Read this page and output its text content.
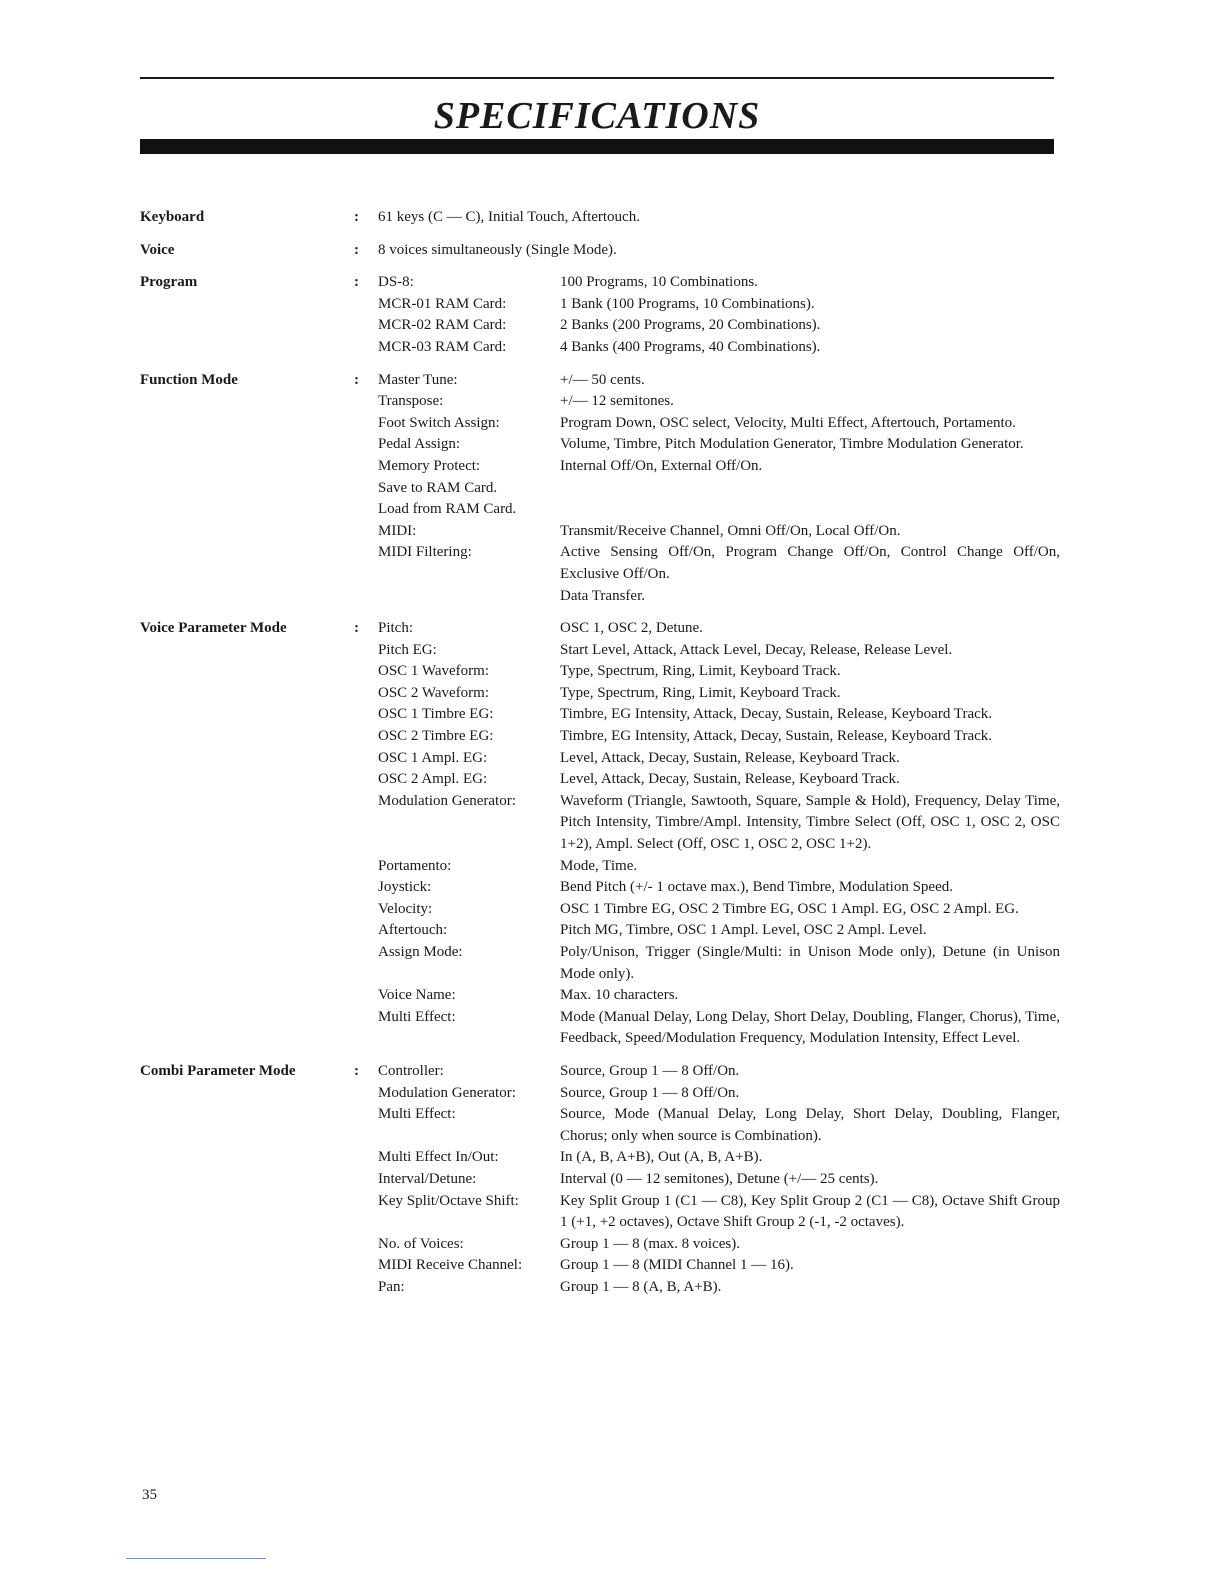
SPECIFICATIONS
Keyboard	:	61 keys (C — C), Initial Touch, Aftertouch.
Voice	:	8 voices simultaneously (Single Mode).
Program	:	DS-8:	100 Programs, 10 Combinations.
MCR-01 RAM Card:	1 Bank (100 Programs, 10 Combinations).
MCR-02 RAM Card:	2 Banks (200 Programs, 20 Combinations).
MCR-03 RAM Card:	4 Banks (400 Programs, 40 Combinations).
Function Mode	:	Master Tune:	+/— 50 cents.
Transpose:	+/— 12 semitones.
Foot Switch Assign:	Program Down, OSC select, Velocity, Multi Effect, Aftertouch, Portamento.
Pedal Assign:	Volume, Timbre, Pitch Modulation Generator, Timbre Modulation Generator.
Memory Protect:	Internal Off/On, External Off/On.
Save to RAM Card.
Load from RAM Card.
MIDI:	Transmit/Receive Channel, Omni Off/On, Local Off/On.
MIDI Filtering:	Active Sensing Off/On, Program Change Off/On, Control Change Off/On, Exclusive Off/On.
Data Transfer.
Voice Parameter Mode	:	Pitch:	OSC 1, OSC 2, Detune.
Pitch EG:	Start Level, Attack, Attack Level, Decay, Release, Release Level.
OSC 1 Waveform:	Type, Spectrum, Ring, Limit, Keyboard Track.
OSC 2 Waveform:	Type, Spectrum, Ring, Limit, Keyboard Track.
OSC 1 Timbre EG:	Timbre, EG Intensity, Attack, Decay, Sustain, Release, Keyboard Track.
OSC 2 Timbre EG:	Timbre, EG Intensity, Attack, Decay, Sustain, Release, Keyboard Track.
OSC 1 Ampl. EG:	Level, Attack, Decay, Sustain, Release, Keyboard Track.
OSC 2 Ampl. EG:	Level, Attack, Decay, Sustain, Release, Keyboard Track.
Modulation Generator:	Waveform (Triangle, Sawtooth, Square, Sample & Hold), Frequency, Delay Time, Pitch Intensity, Timbre/Ampl. Intensity, Timbre Select (Off, OSC 1, OSC 2, OSC 1+2), Ampl. Select (Off, OSC 1, OSC 2, OSC 1+2).
Portamento:	Mode, Time.
Joystick:	Bend Pitch (+/- 1 octave max.), Bend Timbre, Modulation Speed.
Velocity:	OSC 1 Timbre EG, OSC 2 Timbre EG, OSC 1 Ampl. EG, OSC 2 Ampl. EG.
Aftertouch:	Pitch MG, Timbre, OSC 1 Ampl. Level, OSC 2 Ampl. Level.
Assign Mode:	Poly/Unison, Trigger (Single/Multi: in Unison Mode only), Detune (in Unison Mode only).
Voice Name:	Max. 10 characters.
Multi Effect:	Mode (Manual Delay, Long Delay, Short Delay, Doubling, Flanger, Chorus), Time, Feedback, Speed/Modulation Frequency, Modulation Intensity, Effect Level.
Combi Parameter Mode	:	Controller:	Source, Group 1 — 8 Off/On.
Modulation Generator:	Source, Group 1 — 8 Off/On.
Multi Effect:	Source, Mode (Manual Delay, Long Delay, Short Delay, Doubling, Flanger, Chorus; only when source is Combination).
Multi Effect In/Out:	In (A, B, A+B), Out (A, B, A+B).
Interval/Detune:	Interval (0 — 12 semitones), Detune (+/— 25 cents).
Key Split/Octave Shift:	Key Split Group 1 (C1 — C8), Key Split Group 2 (C1 — C8), Octave Shift Group 1 (+1, +2 octaves), Octave Shift Group 2 (-1, -2 octaves).
No. of Voices:	Group 1 — 8 (max. 8 voices).
MIDI Receive Channel:	Group 1 — 8 (MIDI Channel 1 — 16).
Pan:	Group 1 — 8 (A, B, A+B).
35
